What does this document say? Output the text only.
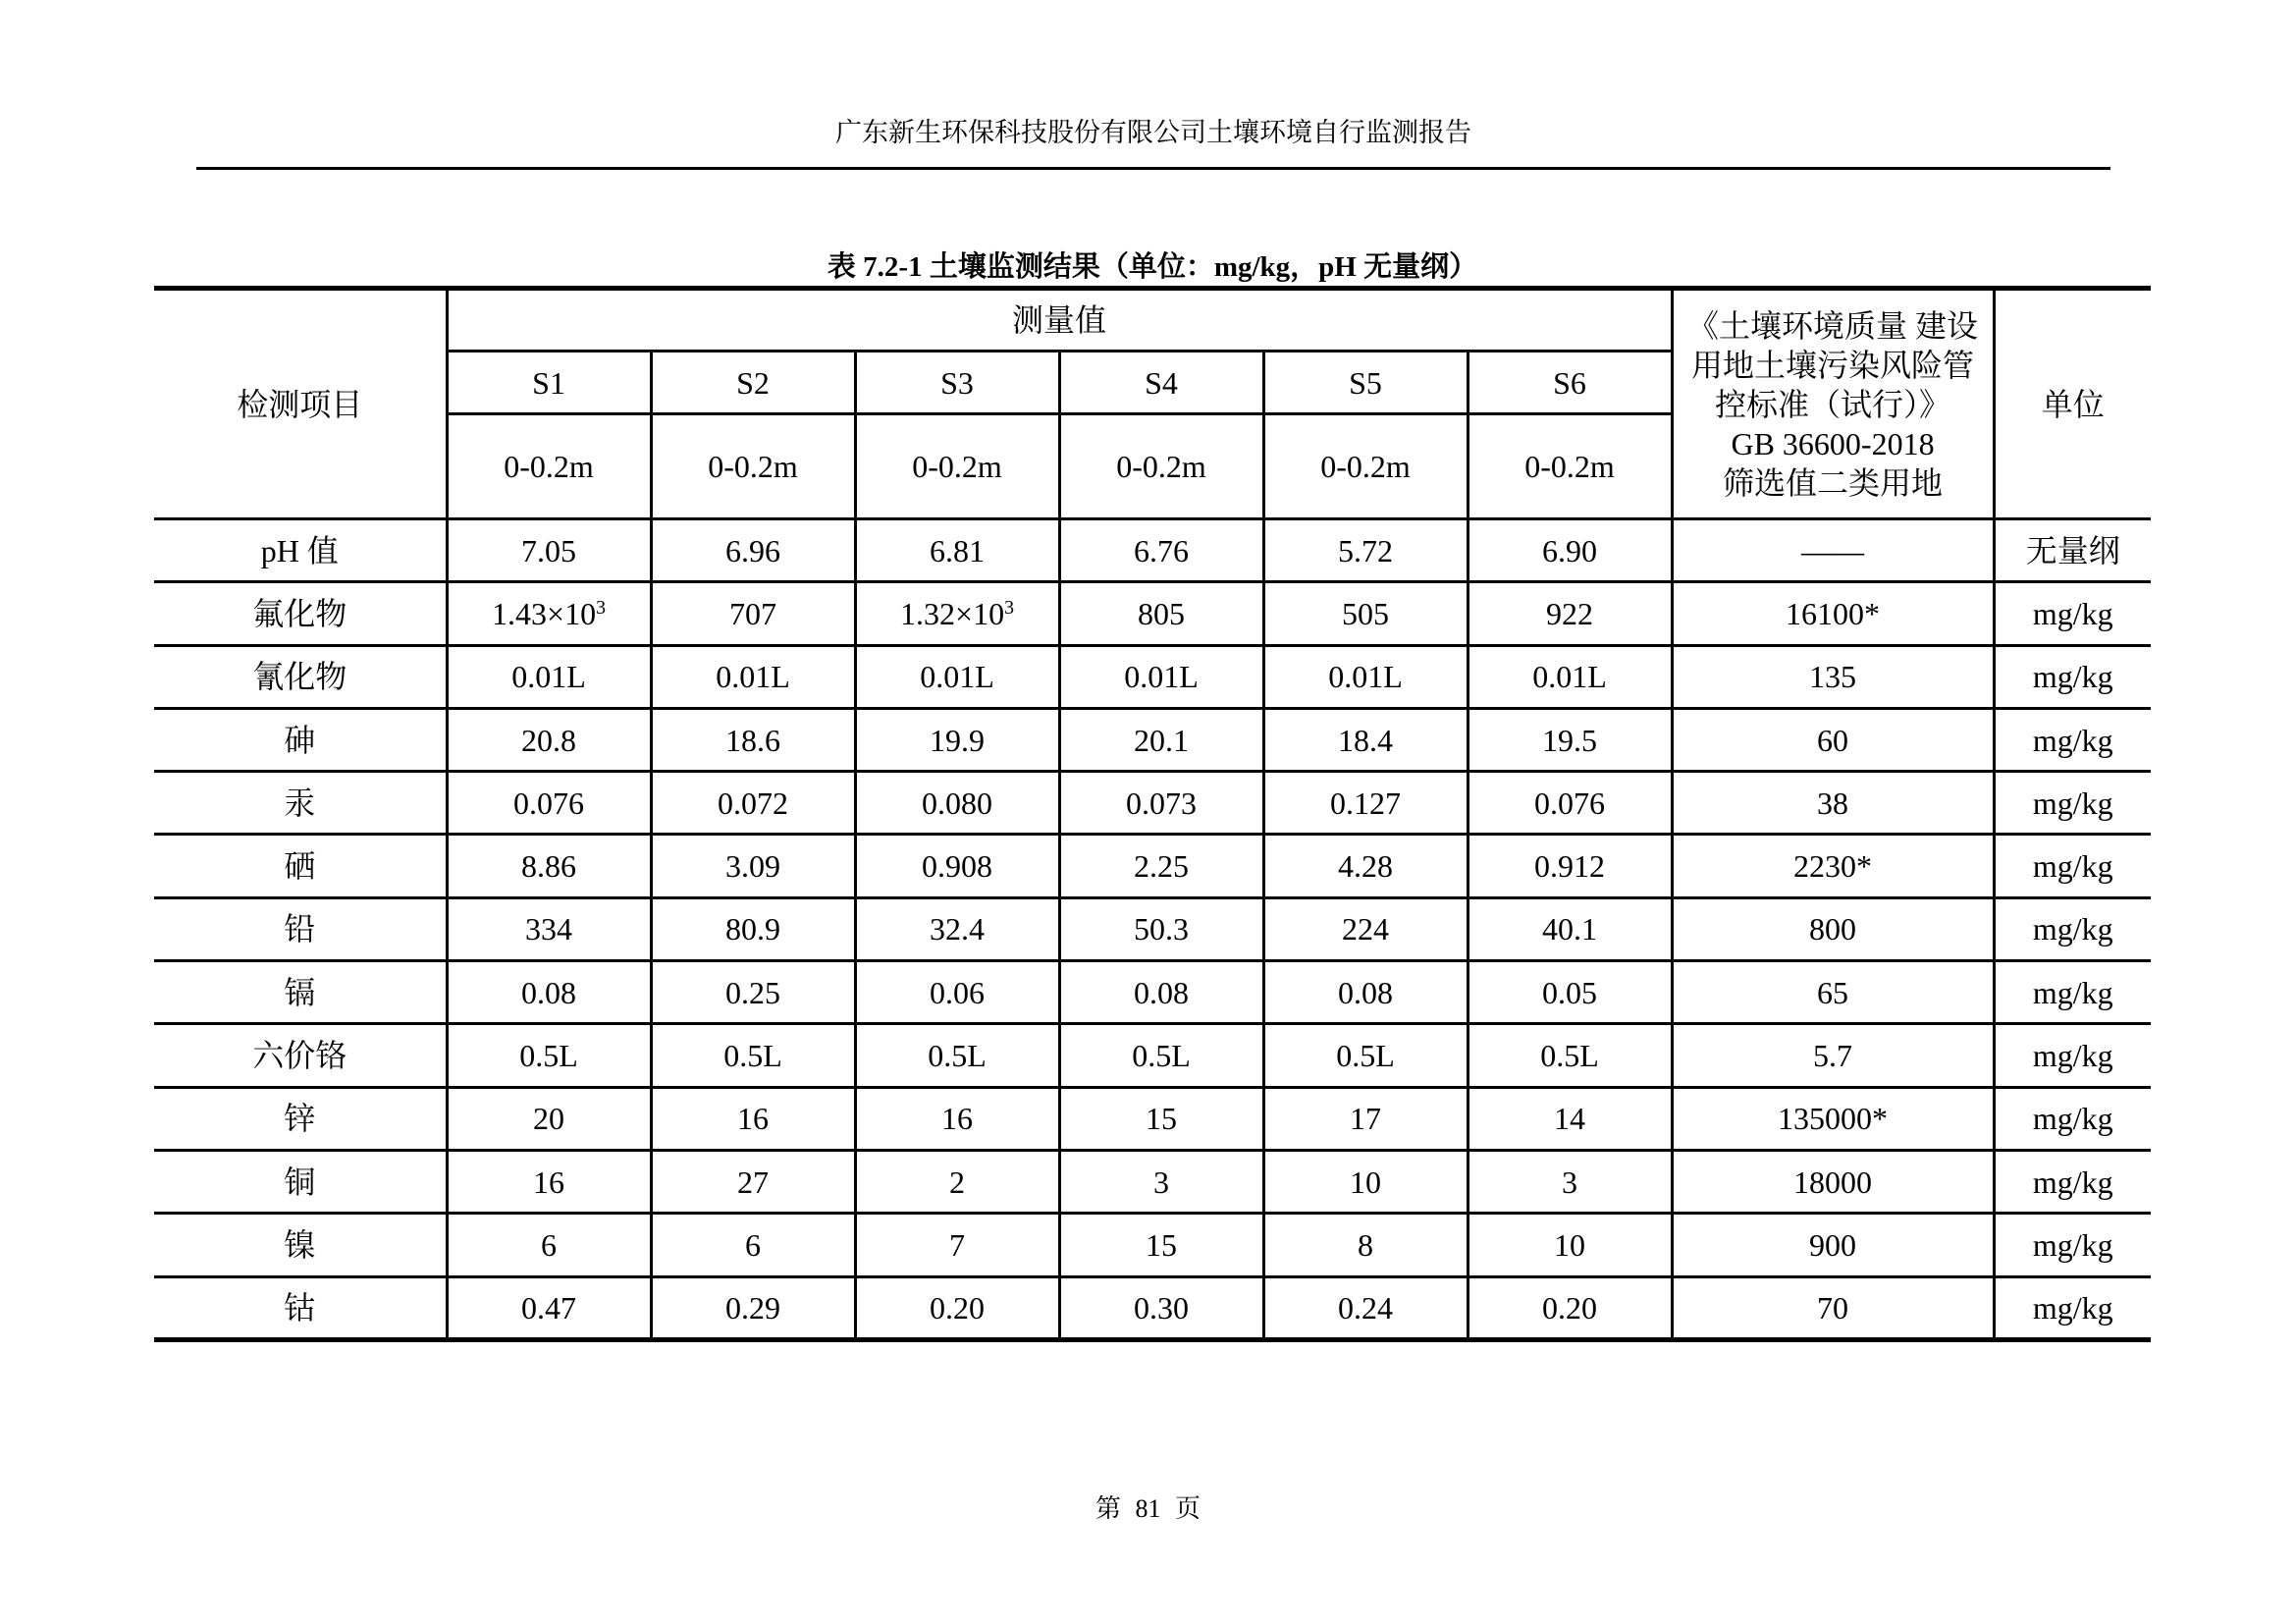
广东新生环保科技股份有限公司土壤环境自行监测报告
表 7.2-1 土壤监测结果（单位：mg/kg，pH 无量纲）
检测项目	测量值						《土壤环境质量 建设
用地土壤污染风险管
控标准（试行）》
GB 36600-2018
筛选值二类用地	单位
	S1	S2	S3	S4	S5	S6		
	0-0.2m	0-0.2m	0-0.2m	0-0.2m	0-0.2m	0-0.2m		
pH 值	7.05	6.96	6.81	6.76	5.72	6.90	——	无量纲
氟化物	$1.43\times 10^3$	707	$1.32\times 10^3$	805	505	922	16100*	mg/kg
氰化物	0.01L	0.01L	0.01L	0.01L	0.01L	0.01L	135	mg/kg
砷	20.8	18.6	19.9	20.1	18.4	19.5	60	mg/kg
汞	0.076	0.072	0.080	0.073	0.127	0.076	38	mg/kg
硒	8.86	3.09	0.908	2.25	4.28	0.912	2230*	mg/kg
铅	334	80.9	32.4	50.3	224	40.1	800	mg/kg
镉	0.08	0.25	0.06	0.08	0.08	0.05	65	mg/kg
六价铬	0.5L	0.5L	0.5L	0.5L	0.5L	0.5L	5.7	mg/kg
锌	20	16	16	15	17	14	135000*	mg/kg
铜	16	27	2	3	10	3	18000	mg/kg
镍	6	6	7	15	8	10	900	mg/kg
钴	0.47	0.29	0.20	0.30	0.24	0.20	70	mg/kg
第 81 页
